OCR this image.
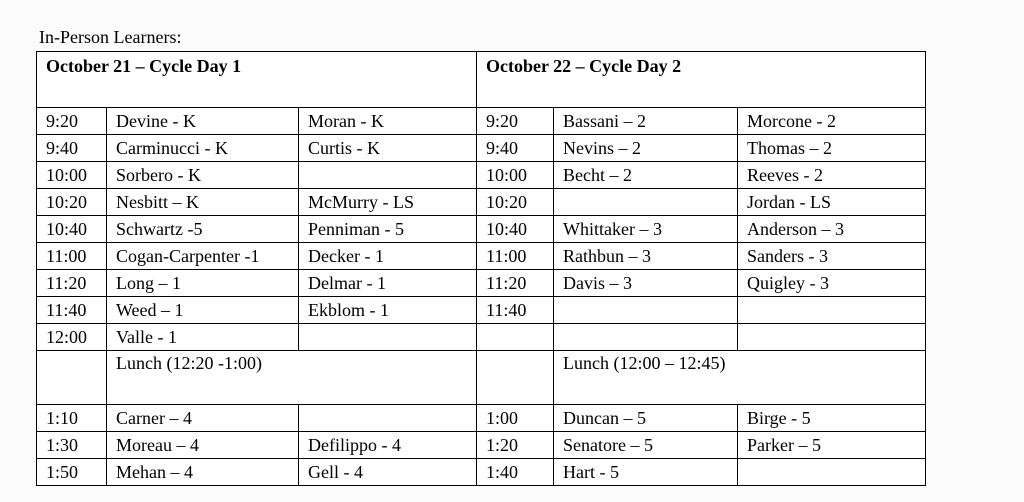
In-Person Learners:
October 21 – Cycle Day 1			October 22 – Cycle Day 2		
9:20	Devine - K	Moran - K	9:20	Bassani – 2	Morcone - 2
9:40	Carminucci - K	Curtis - K	9:40	Nevins – 2	Thomas – 2
10:00	Sorbero - K		10:00	Becht – 2	Reeves - 2
10:20	Nesbitt – K	McMurry - LS	10:20		Jordan - LS
10:40	Schwartz -5	Penniman - 5	10:40	Whittaker – 3	Anderson – 3
11:00	Cogan-Carpenter -1	Decker - 1	11:00	Rathbun – 3	Sanders - 3
11:20	Long – 1	Delmar - 1	11:20	Davis – 3	Quigley - 3
11:40	Weed – 1	Ekblom - 1	11:40		
12:00	Valle - 1				
	Lunch (12:20 -1:00)			Lunch (12:00 – 12:45)	
1:10	Carner – 4		1:00	Duncan – 5	Birge - 5
1:30	Moreau – 4	Defilippo - 4	1:20	Senatore – 5	Parker – 5
1:50	Mehan – 4	Gell - 4	1:40	Hart - 5	
